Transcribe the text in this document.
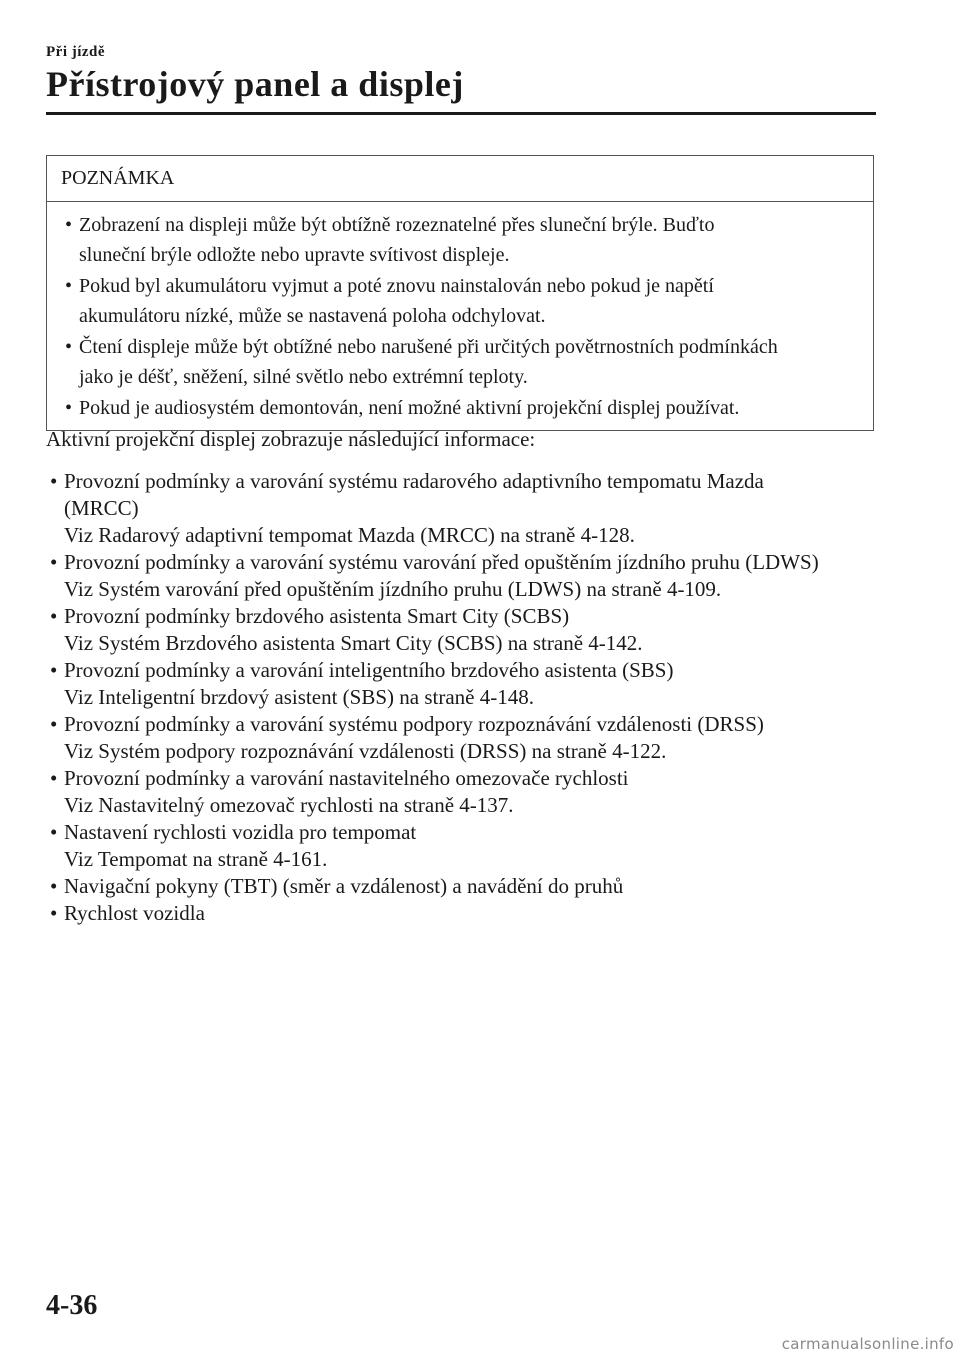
Při jízdě
Přístrojový panel a displej
POZNÁMKA
• Zobrazení na displeji může být obtížně rozeznatelné přes sluneční brýle. Buďto
sluneční brýle odložte nebo upravte svítivost displeje.
• Pokud byl akumulátoru vyjmut a poté znovu nainstalován nebo pokud je napětí
akumulátoru nízké, může se nastavená poloha odchylovat.
• Čtení displeje může být obtížné nebo narušené při určitých povětrnostních podmínkách
jako je déšť, sněžení, silné světlo nebo extrémní teploty.
• Pokud je audiosystém demontován, není možné aktivní projekční displej používat.
Aktivní projekční displej zobrazuje následující informace:
• Provozní podmínky a varování systému radarového adaptivního tempomatu Mazda
(MRCC)
Viz Radarový adaptivní tempomat Mazda (MRCC) na straně 4-128.
• Provozní podmínky a varování systému varování před opuštěním jízdního pruhu (LDWS)
Viz Systém varování před opuštěním jízdního pruhu (LDWS) na straně 4-109.
• Provozní podmínky brzdového asistenta Smart City (SCBS)
Viz Systém Brzdového asistenta Smart City (SCBS) na straně 4-142.
• Provozní podmínky a varování inteligentního brzdového asistenta (SBS)
Viz Inteligentní brzdový asistent (SBS) na straně 4-148.
• Provozní podmínky a varování systému podpory rozpoznávání vzdálenosti (DRSS)
Viz Systém podpory rozpoznávání vzdálenosti (DRSS) na straně 4-122.
• Provozní podmínky a varování nastavitelného omezovače rychlosti
Viz Nastavitelný omezovač rychlosti na straně 4-137.
• Nastavení rychlosti vozidla pro tempomat
Viz Tempomat na straně 4-161.
• Navigační pokyny (TBT) (směr a vzdálenost) a navádění do pruhů
• Rychlost vozidla
4-36
carmanualsonline.info
